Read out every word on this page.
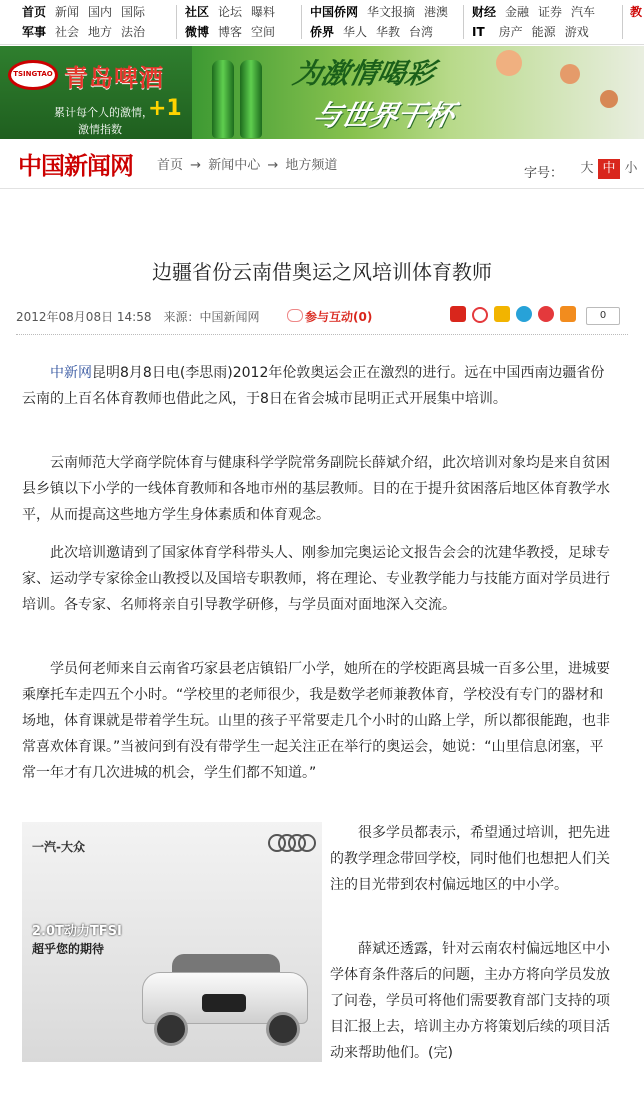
首页 新闻 国内 国际	社区 论坛 曝料	中国侨网 华文报摘 港澳	财经 金融 证券 汽车	教
军事 社会 地方 法治	微博 博客 空间	侨界 华人 华教 台湾	IT 房产 能源 游戏
TSINGTAO 青岛啤酒
累计每个人的激情，
激情指数
+1
为激情喝彩
与世界干杯
中国新闻网 首页 → 新闻中心 → 地方频道
字号：	大 中 小
边疆省份云南借奥运之风培训体育教师
2012年08月08日 14:58 来源：中国新闻网	参与互动(0)	0

中新网昆明8月8日电(李思雨)2012年伦敦奥运会正在激烈的进行。远在中国西南边疆省份云南的上百名体育教师也借此之风，于8日在省会城市昆明正式开展集中培训。

云南师范大学商学院体育与健康科学学院常务副院长薛斌介绍，此次培训对象均是来自贫困县乡镇以下小学的一线体育教师和各地市州的基层教师。目的在于提升贫困落后地区体育教学水平，从而提高这些地方学生身体素质和体育观念。

此次培训邀请到了国家体育学科带头人、刚参加完奥运论文报告会会的沈建华教授，足球专家、运动学专家徐金山教授以及国培专职教师，将在理论、专业教学能力与技能方面对学员进行培训。各专家、名师将亲自引导教学研修，与学员面对面地深入交流。

学员何老师来自云南省巧家县老店镇铅厂小学，她所在的学校距离县城一百多公里，进城要乘摩托车走四五个小时。“学校里的老师很少，我是数学老师兼教体育，学校没有专门的器材和场地，体育课就是带着学生玩。山里的孩子平常要走几个小时的山路上学，所以都很能跑，也非常喜欢体育课。”当被问到有没有带学生一起关注正在举行的奥运会，她说：“山里信息闭塞，平常一年才有几次进城的机会，学生们都不知道。”

一汽-大众
2.0T动力TFSI
超乎您的期待

很多学员都表示，希望通过培训，把先进的教学理念带回学校，同时他们也想把人们关注的目光带到农村偏远地区的中小学。

薛斌还透露，针对云南农村偏远地区中小学体育条件落后的问题，主办方将向学员发放了问卷，学员可将他们需要教育部门支持的项目汇报上去，培训主办方将策划后续的项目活动来帮助他们。(完)
